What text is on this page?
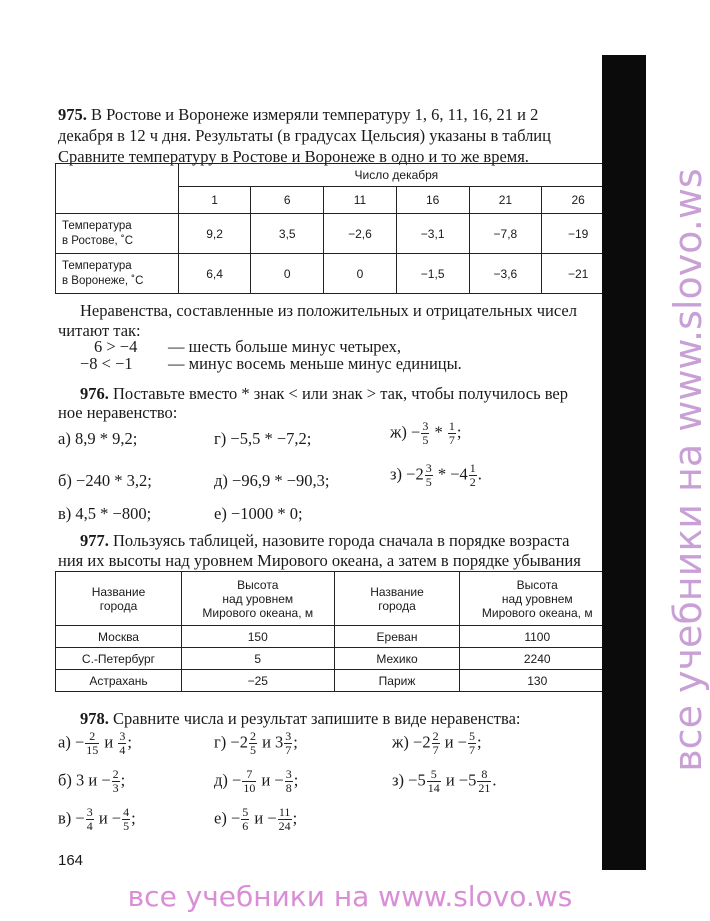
975. В Ростове и Воронеже измеряли температуру 1, 6, 11, 16, 21 и 2
декабря в 12 ч дня. Результаты (в градусах Цельсия) указаны в таблиц
Сравните температуру в Ростове и Воронеже в одно и то же время.
	Число декабря					
	1	6	11	16	21	26
Температура
в Ростове, ˚С	9,2	3,5	−2,6	−3,1	−7,8	−19
Температура
в Воронеже, ˚С	6,4	0	0	−1,5	−3,6	−21
Неравенства, составленные из положительных и отрицательных чисел
читают так:
6 > −4 — шесть больше минус четырех,
−8 < −1 — минус восемь меньше минус единицы.
976. Поставьте вместо * знак < или знак > так, чтобы получилось вер
ное неравенство:
а) 8,9 * 9,2;	г) −5,5 * −7,2;	$ж) - \frac{3}{5} * \frac{1}{7}$ ;
б) −240 * 3,2;	д) −96,9 * −90,3;	$з) -2 \frac{3}{5} * -4 \frac{1}{2}$ .
в) 4,5 * −800;	е) −1000 * 0;
977. Пользуясь таблицей, назовите города сначала в порядке возраста
ния их высоты над уровнем Мирового океана, а затем в порядке убывания
Название
города	Высота
над уровнем
Мирового океана, м	Название
города	Высота
над уровнем
Мирового океана, м
Москва	150	Ереван	1100
С.-Петербург	5	Мехико	2240
Астрахань	−25	Париж	130
978. Сравните числа и результат запишите в виде неравенства:
$а) - \frac{2}{15}$ и $\frac{3}{4}$ ;	$г) -2 \frac{2}{5}$ и $3 \frac{3}{7}$ ;	$ж) -2 \frac{2}{7}$ $и - \frac{5}{7}$ ;
б) 3 $и - \frac{2}{3}$ ;	$д) - \frac{7}{10}$ $и - \frac{3}{8}$ ;	$з) -5 \frac{5}{14}$ $и -5 \frac{8}{21}$ .
$в) - \frac{3}{4}$ $и - \frac{4}{5}$ ;	$е) - \frac{5}{6}$ $и - \frac{11}{24}$ ;
164
все учебники на www.slovo.ws
все учебники на www.slovo.ws
